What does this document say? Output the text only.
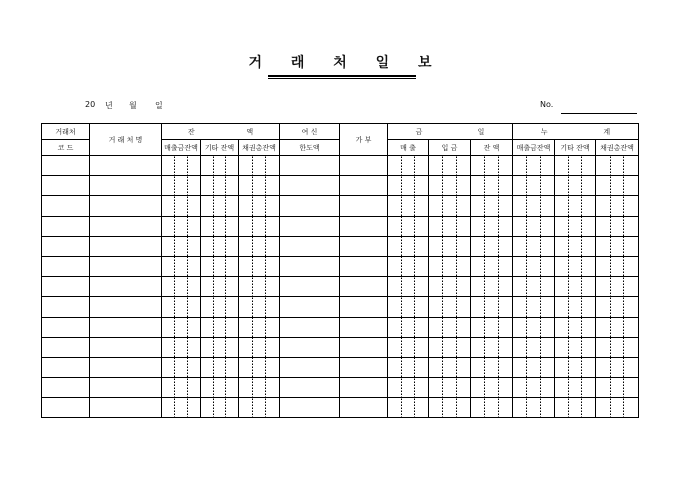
거 래 처 일 보
20	년	월	일	No.
거래처	거 래 처 명	잔 액			여 신	가 부	금 일			누 계		

코 드		매출금잔액	기타 잔액	채권총잔액	한도액		매 출	입 금	잔 액	매출금잔액	기타 잔액	채권총잔액
